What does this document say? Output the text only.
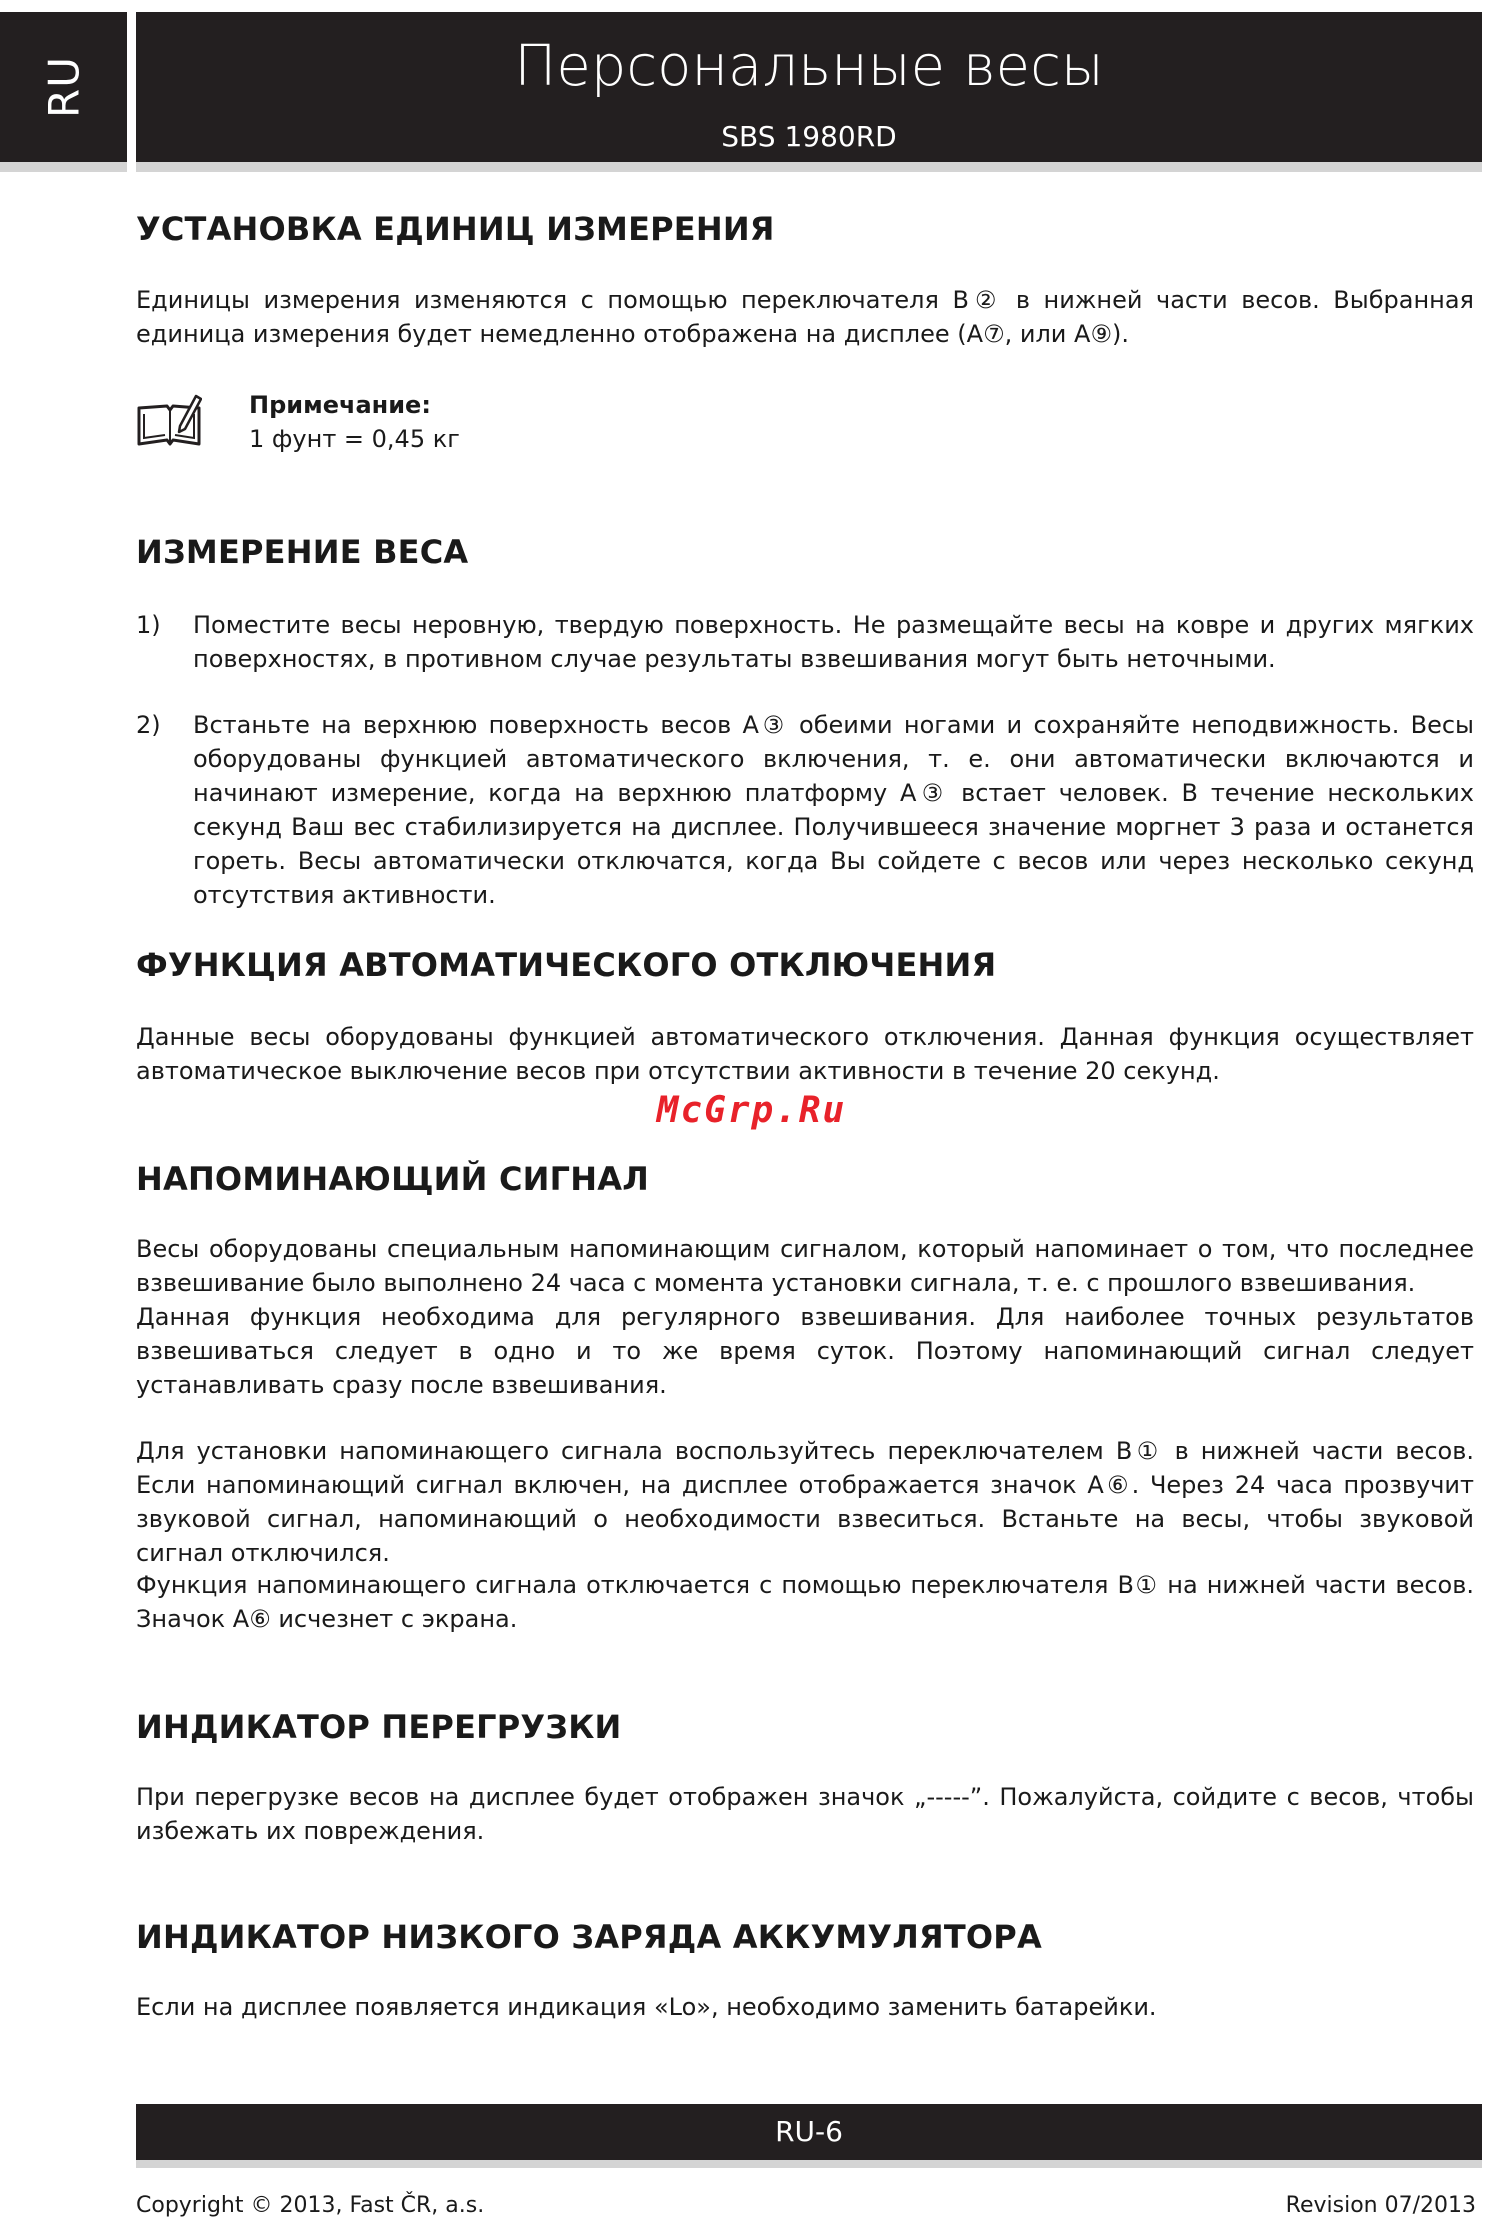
RU	Персональные весы
SBS 1980RD
УСТАНОВКА ЕДИНИЦ ИЗМЕРЕНИЯ

Единицы измерения изменяются с помощью переключателя B② в нижней части весов. Выбранная единица измерения будет немедленно отображена на дисплее (A⑦, или A⑨).

Примечание:
1 фунт = 0,45 кг
ИЗМЕРЕНИЕ ВЕСА
1) Поместите весы неровную, твердую поверхность. Не размещайте весы на ковре и других мягких поверхностях, в противном случае результаты взвешивания могут быть неточными.
2) Встаньте на верхнюю поверхность весов A③ обеими ногами и сохраняйте неподвижность. Весы оборудованы функцией автоматического включения, т. е. они автоматически включаются и начинают измерение, когда на верхнюю платформу A③ встает человек. В течение нескольких секунд Ваш вес стабилизируется на дисплее. Получившееся значение моргнет 3 раза и останется гореть. Весы автоматически отключатся, когда Вы сойдете с весов или через несколько секунд отсутствия активности.
ФУНКЦИЯ АВТОМАТИЧЕСКОГО ОТКЛЮЧЕНИЯ

Данные весы оборудованы функцией автоматического отключения. Данная функция осуществляет автоматическое выключение весов при отсутствии активности в течение 20 секунд.

McGrp.Ru
НАПОМИНАЮЩИЙ СИГНАЛ

Весы оборудованы специальным напоминающим сигналом, который напоминает о том, что последнее взвешивание было выполнено 24 часа с момента установки сигнала, т. е. с прошлого взвешивания.

Данная функция необходима для регулярного взвешивания. Для наиболее точных результатов взвешиваться следует в одно и то же время суток. Поэтому напоминающий сигнал следует устанавливать сразу после взвешивания.

Для установки напоминающего сигнала воспользуйтесь переключателем B① в нижней части весов. Если напоминающий сигнал включен, на дисплее отображается значок A⑥. Через 24 часа прозвучит звуковой сигнал, напоминающий о необходимости взвеситься. Встаньте на весы, чтобы звуковой сигнал отключился.

Функция напоминающего сигнала отключается с помощью переключателя B① на нижней части весов. Значок A⑥ исчезнет с экрана.

ИНДИКАТОР ПЕРЕГРУЗКИ

При перегрузке весов на дисплее будет отображен значок „-----”. Пожалуйста, сойдите с весов, чтобы избежать их повреждения.

ИНДИКАТОР НИЗКОГО ЗАРЯДА АККУМУЛЯТОРА

Если на дисплее появляется индикация «Lo», необходимо заменить батарейки.

RU-6
Copyright © 2013, Fast ČR, a.s.	Revision 07/2013
